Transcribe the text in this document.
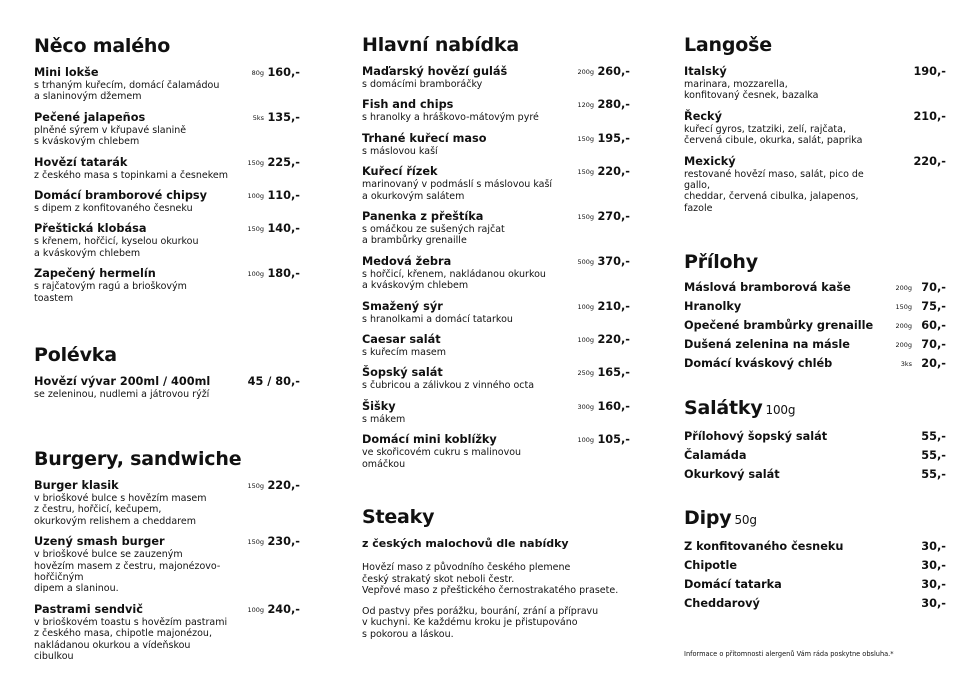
Něco malého
Mini lokše	80g 160,-
s trhaným kuřecím, domácí čalamádou
a slaninovým džemem
Pečené jalapeños	5ks 135,-
plněné sýrem v křupavé slanině
s kváskovým chlebem
Hovězí tatarák	150g 225,-
z českého masa s topinkami a česnekem
Domácí bramborové chipsy	100g 110,-
s dipem z konfitovaného česneku
Přeštická klobása	150g 140,-
s křenem, hořčicí, kyselou okurkou
a kváskovým chlebem
Zapečený hermelín	100g 180,-
s rajčatovým ragú a brioškovým toastem
Polévka
Hovězí vývar 200ml / 400ml	45 / 80,-
se zeleninou, nudlemi a játrovou rýží
Burgery, sandwiche
Burger klasik	150g 220,-
v brioškové bulce s hovězím masem
z čestru, hořčicí, kečupem,
okurkovým relishem a cheddarem
Uzený smash burger	150g 230,-
v brioškové bulce se zauzeným
hovězím masem z čestru, majonézovo-hořčičným
dipem a slaninou.
Pastrami sendvič	100g 240,-
v brioškovém toastu s hovězím pastrami
z českého masa, chipotle majonézou,
nakládanou okurkou a vídeňskou cibulkou
Hlavní nabídka
Maďarský hovězí guláš	200g 260,-
s domácími bramboráčky
Fish and chips	120g 280,-
s hranolky a hráškovo-mátovým pyré
Trhané kuřecí maso	150g 195,-
s máslovou kaší
Kuřecí řízek	150g 220,-
marinovaný v podmáslí s máslovou kaší
a okurkovým salátem
Panenka z přeštíka	150g 270,-
s omáčkou ze sušených rajčat
a brambůrky grenaille
Medová žebra	500g 370,-
s hořčicí, křenem, nakládanou okurkou
a kváskovým chlebem
Smažený sýr	100g 210,-
s hranolkami a domácí tatarkou
Caesar salát	100g 220,-
s kuřecím masem
Šopský salát	250g 165,-
s čubricou a zálivkou z vinného octa
Šišky	300g 160,-
s mákem
Domácí mini koblížky	100g 105,-
ve skořicovém cukru s malinovou omáčkou
Steaky
z českých malochovů dle nabídky
Hovězí maso z původního českého plemene
český strakatý skot neboli čestr.
Vepřové maso z přeštického černostrakatého prasete.
Od pastvy přes porážku, bourání, zrání a přípravu
v kuchyni. Ke každému kroku je přistupováno
s pokorou a láskou.
Langoše
Italský	190,-
marinara, mozzarella,
konfitovaný česnek, bazalka
Řecký	210,-
kuřecí gyros, tzatziki, zelí, rajčata,
červená cibule, okurka, salát, paprika
Mexický	220,-
restované hovězí maso, salát, pico de gallo,
cheddar, červená cibulka, jalapenos, fazole
Přílohy
Máslová bramborová kaše	200g 70,-
Hranolky	150g 75,-
Opečené brambůrky grenaille	200g 60,-
Dušená zelenina na másle	200g 70,-
Domácí kváskový chléb	3ks 20,-
Salátky 100g
Přílohový šopský salát	55,-
Čalamáda	55,-
Okurkový salát	55,-
Dipy 50g
Z konfitovaného česneku	30,-
Chipotle	30,-
Domácí tatarka	30,-
Cheddarový	30,-
Informace o přítomnosti alergenů Vám ráda poskytne obsluha.*
